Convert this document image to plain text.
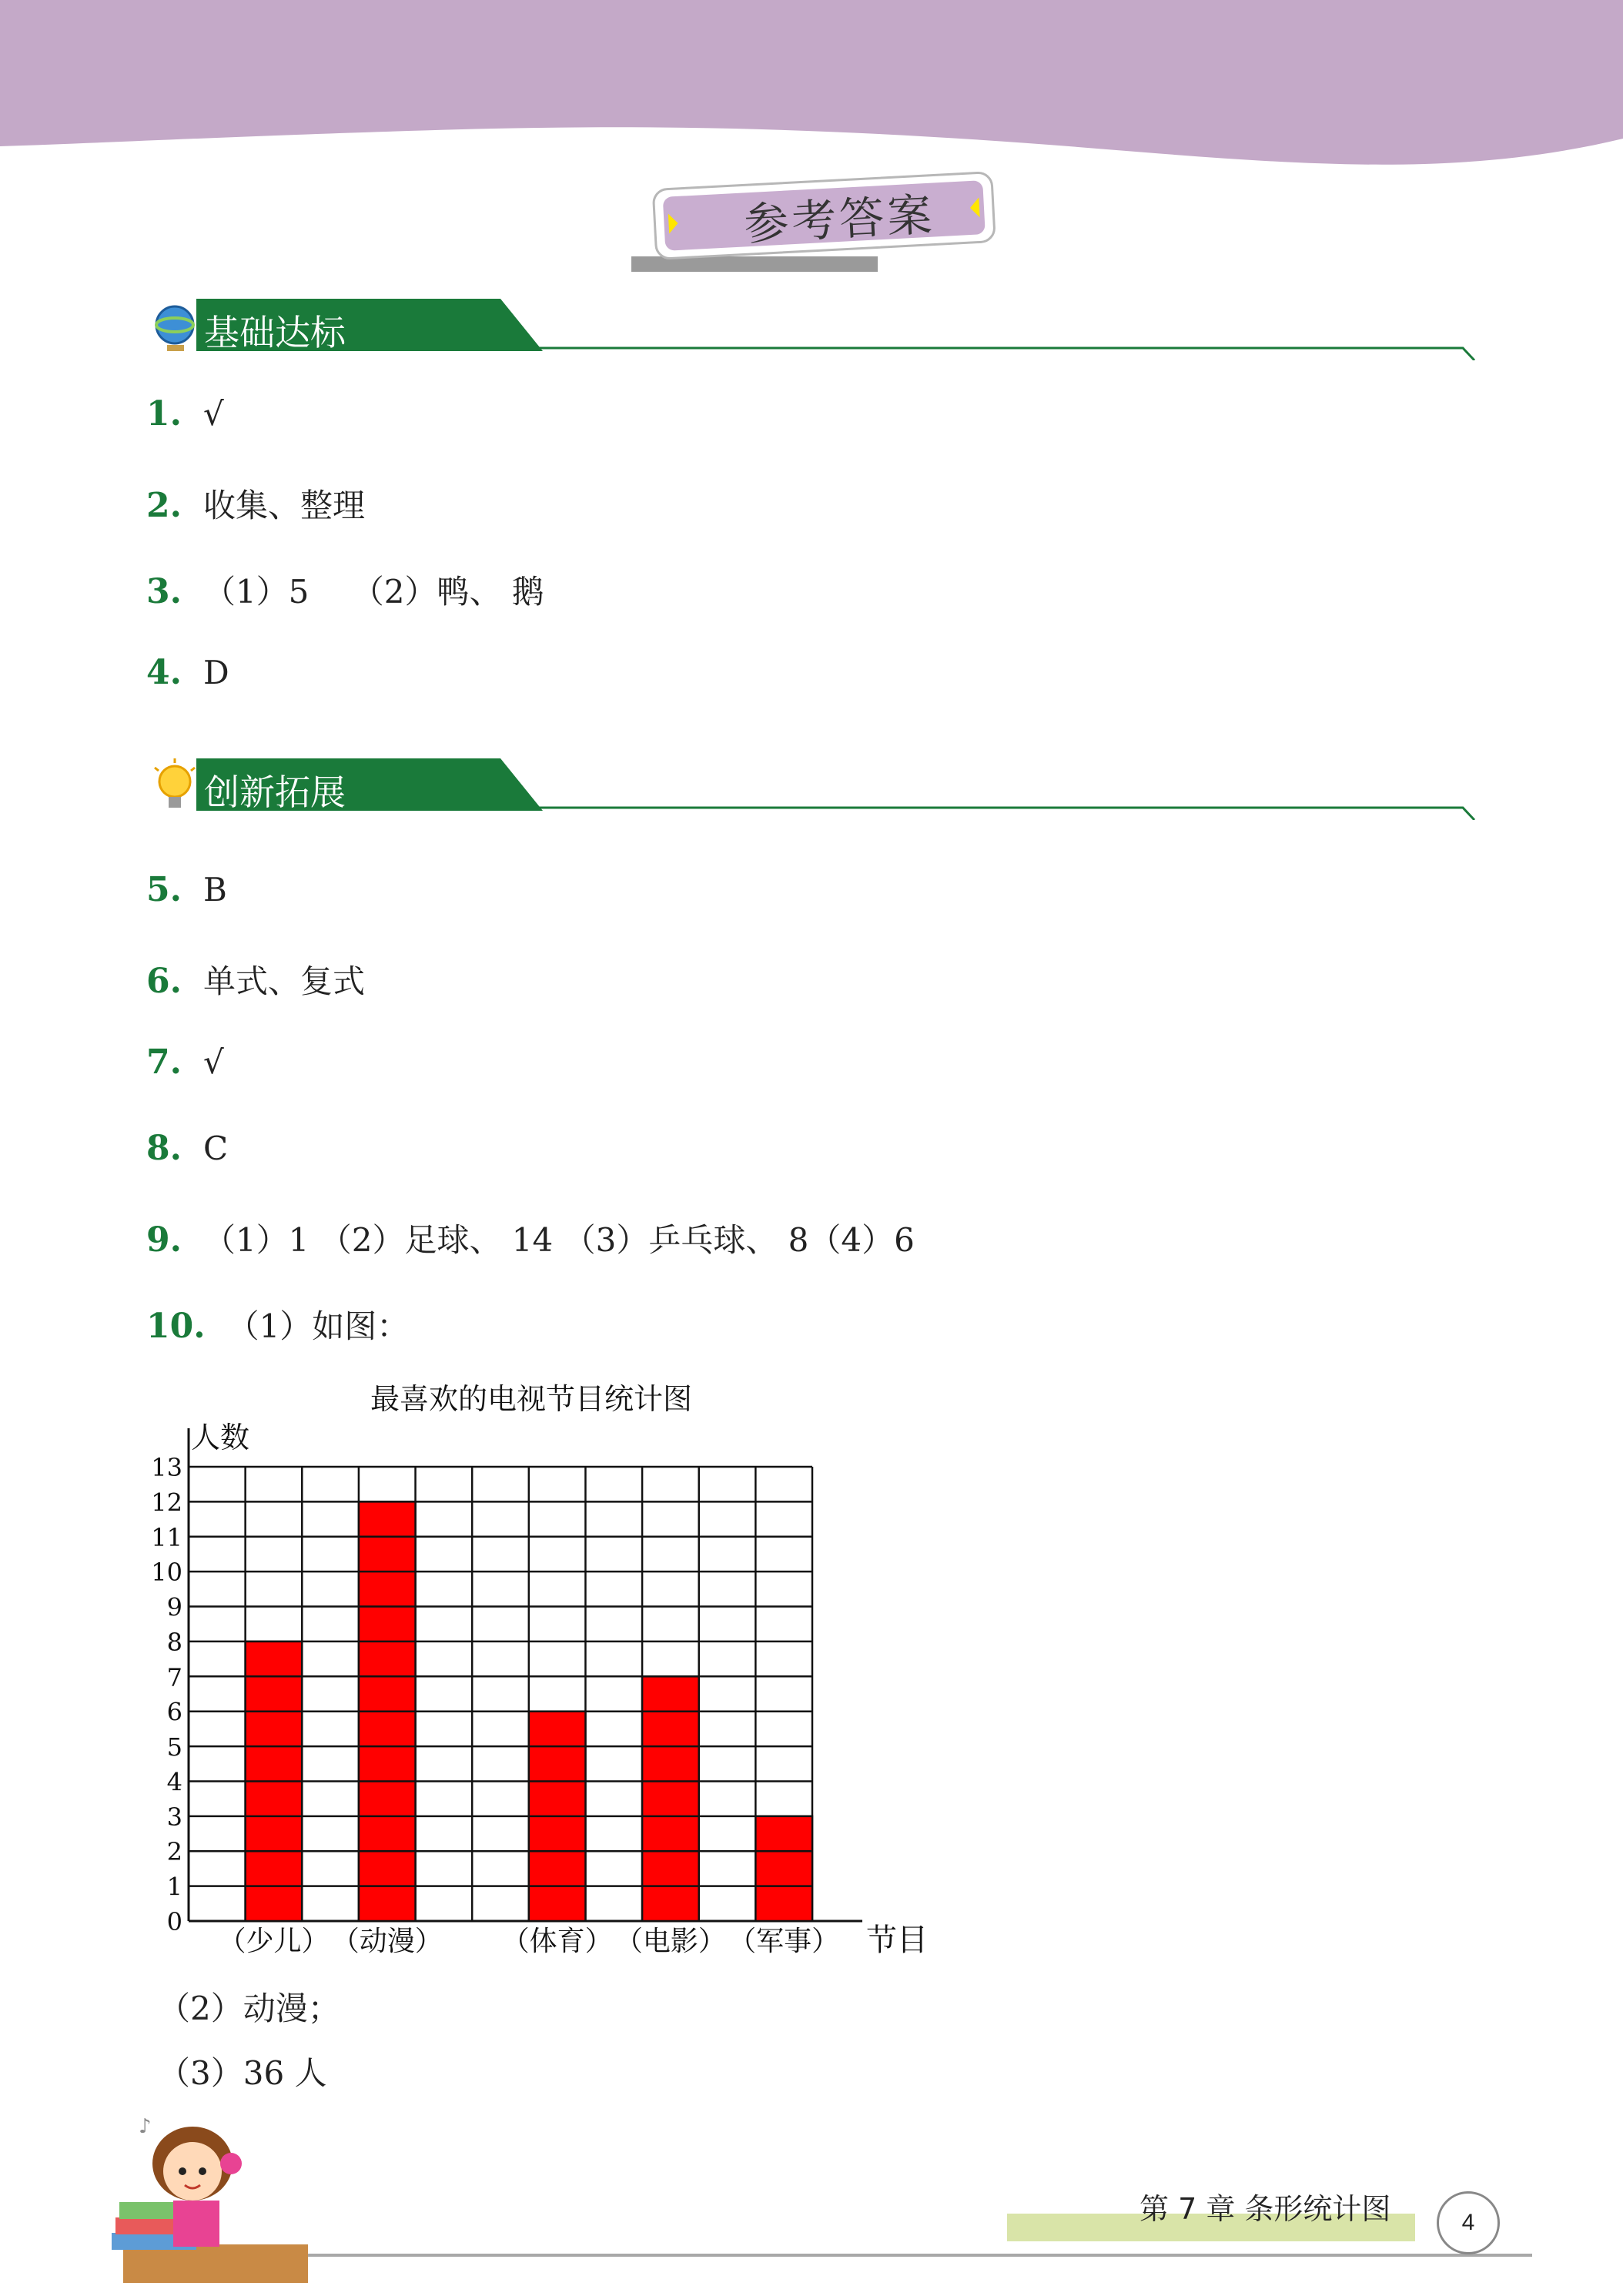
参考答案
基础达标
1. √
2. 收集、整理
3. （1）5　 （2）鸭、 鹅
4. D
创新拓展
5. B
6. 单式、复式
7. √
8. C
9. （1）1 （2）足球、 14 （3）乒乓球、 8（4）6
10. （1）如图：
最喜欢的电视节目统计图
人数
0
1
2
3
4
5
6
7
8
9
10
11
12
13
（少儿） （动漫） （体育） （电影） （军事） 节目
（2）动漫；
（3）36 人
♪
第 7 章 条形统计图	4
